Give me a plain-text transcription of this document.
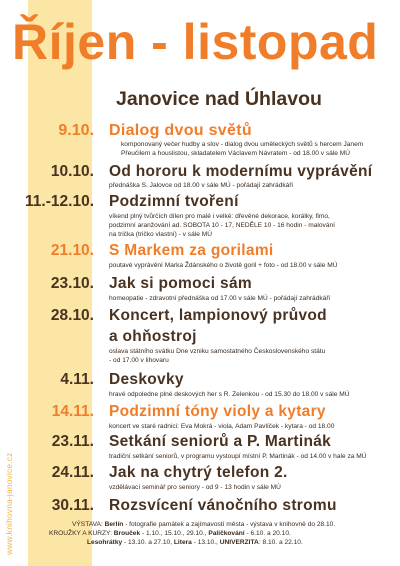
www.knihovna-janovice.cz
Říjen - listopad
Janovice nad Úhlavou
9.10. Dialog dvou světů
komponovaný večer hudby a slov - dialog dvou uměleckých světů s hercem Janem
Přeučilem a houslistou, skladatelem Václavem Návratem - od 18.00 v sále MÚ
10.10. Od hororu k modernímu vyprávění
přednáška S. Jalovce od 18.00 v sále MÚ - pořádají zahrádkáři
11.-12.10. Podzimní tvoření
víkend plný tvůrčích dílen pro malé i velké: dřevěné dekorace, korálky, fimo,
podzimní aranžování ad. SOBOTA 10 - 17, NEDĚLE 10 - 16 hodin - malování
na trička (tričko vlastní) - v sále MÚ
21.10. S Markem za gorilami
poutavé vyprávění Marka Ždánského o životě goril + foto - od 18.00 v sále MÚ
23.10. Jak si pomoci sám
homeopatie - zdravotní přednáška od 17.00 v sále MÚ - pořádají zahrádkáři
28.10. Koncert, lampionový průvod
a ohňostroj
oslava státního svátku Dne vzniku samostatného Československého státu
- od 17.00 v lihovaru
4.11. Deskovky
hravé odpoledne plné deskových her s R. Zelenkou - od 15.30 do 18.00 v sále MÚ
14.11. Podzimní tóny violy a kytary
koncert ve staré radnici: Eva Mokrá - viola, Adam Pavlíček - kytara - od 18.00
23.11. Setkání seniorů a P. Martinák
tradiční setkání seniorů, v programu vystoupí místní P. Martinák - od 14.00 v hale za MÚ
24.11. Jak na chytrý telefon 2.
vzdělávací seminář pro seniory - od 9 - 13 hodin v sále MÚ
30.11. Rozsvícení vánočního stromu
VÝSTAVA: Berlín - fotografie památek a zajímavostí města - výstava v knihovně do 28.10.
KROUŽKY A KURZY: Brouček - 1.10., 15.10., 29.10., Paličkování - 6.10. a 20.10.
Lesohrátky - 13.10. a 27.10, Litera - 13.10., UNIVERZITA: 8.10. a 22.10.
